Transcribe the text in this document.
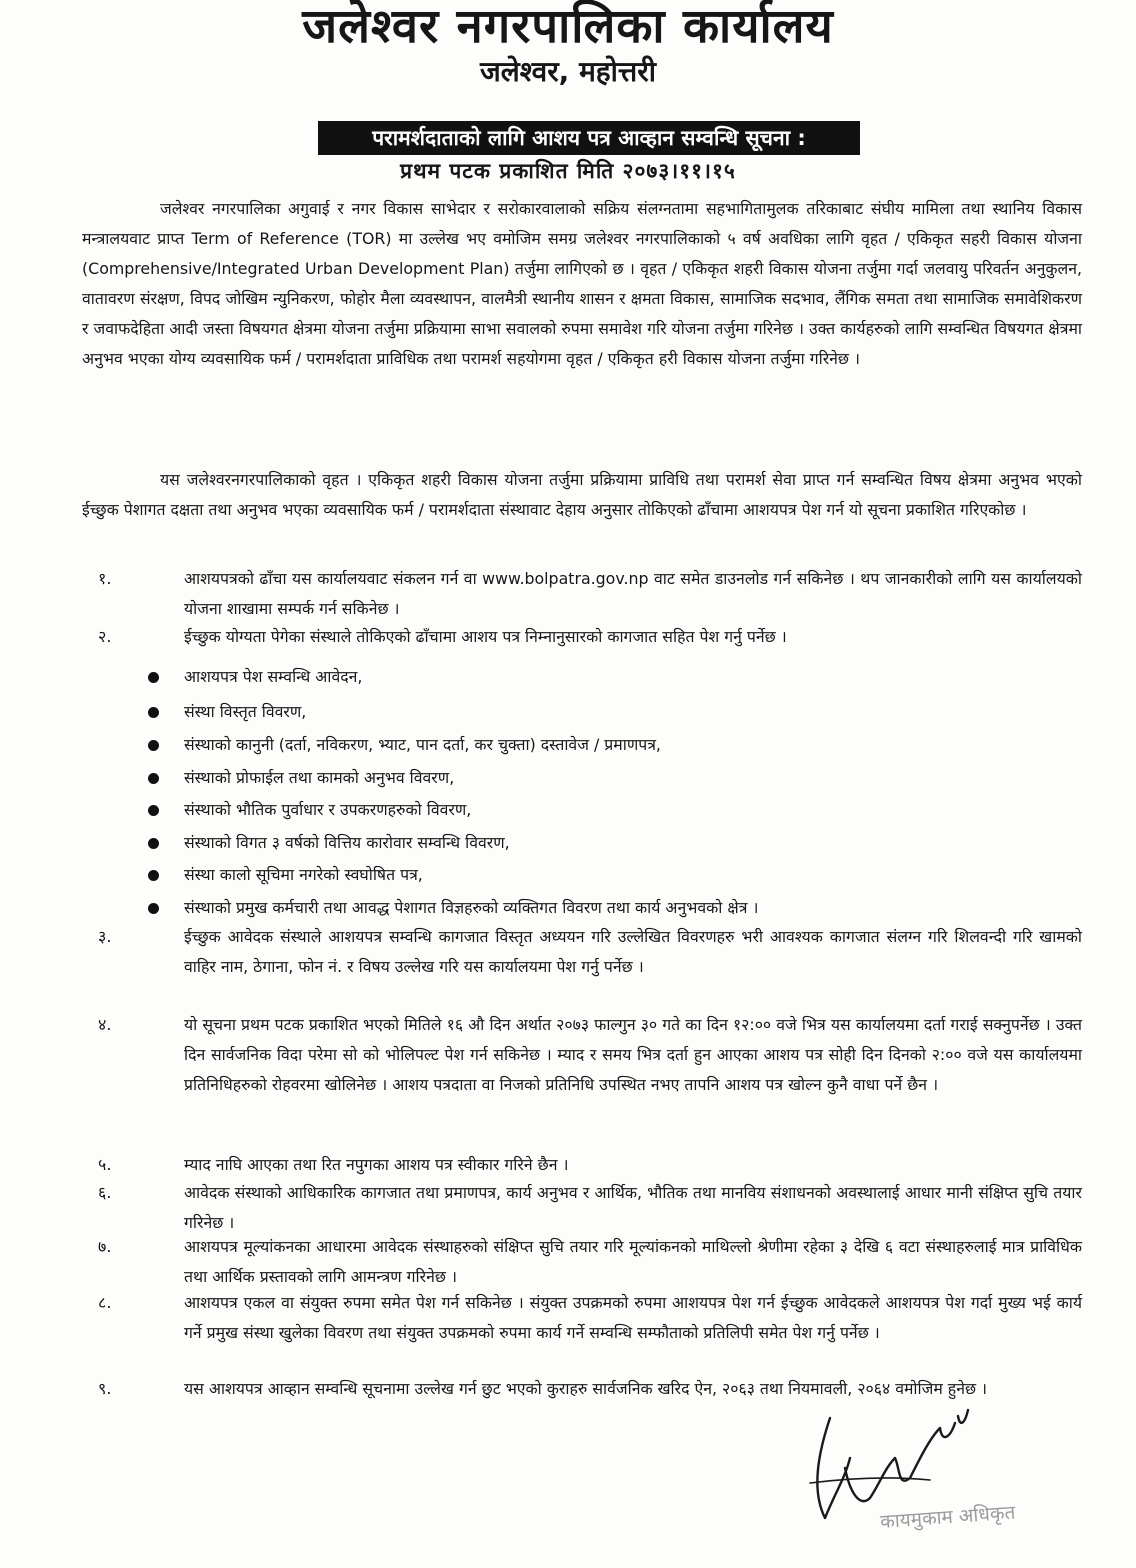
जलेश्वर नगरपालिका कार्यालय
जलेश्वर, महोत्तरी
परामर्शदाताको लागि आशय पत्र आव्हान सम्वन्धि सूचना :
प्रथम पटक प्रकाशित मिति २०७३।११।१५
जलेश्वर नगरपालिका अगुवाई र नगर विकास साभेदार र सरोकारवालाको सक्रिय संलग्नतामा सहभागितामुलक तरिकाबाट संघीय मामिला तथा स्थानिय विकास मन्त्रालयवाट प्राप्त Term of Reference (TOR) मा उल्लेख भए वमोजिम समग्र जलेश्वर नगरपालिकाको ५ वर्ष अवधिका लागि वृहत / एकिकृत सहरी विकास योजना (Comprehensive/Integrated Urban Development Plan) तर्जुमा लागिएको छ । वृहत / एकिकृत शहरी विकास योजना तर्जुमा गर्दा जलवायु परिवर्तन अनुकुलन, वातावरण संरक्षण, विपद जोखिम न्युनिकरण, फोहोर मैला व्यवस्थापन, वालमैत्री स्थानीय शासन र क्षमता विकास, सामाजिक सदभाव, लैंगिक समता तथा सामाजिक समावेशिकरण र जवाफदेहिता आदी जस्ता विषयगत क्षेत्रमा योजना तर्जुमा प्रक्रियामा साभा सवालको रुपमा समावेश गरि योजना तर्जुमा गरिनेछ । उक्त कार्यहरुको लागि सम्वन्धित विषयगत क्षेत्रमा अनुभव भएका योग्य व्यवसायिक फर्म / परामर्शदाता प्राविधिक तथा परामर्श सहयोगमा वृहत / एकिकृत हरी विकास योजना तर्जुमा गरिनेछ ।
यस जलेश्वरनगरपालिकाको वृहत । एकिकृत शहरी विकास योजना तर्जुमा प्रक्रियामा प्राविधि तथा परामर्श सेवा प्राप्त गर्न सम्वन्धित विषय क्षेत्रमा अनुभव भएको ईच्छुक पेशागत दक्षता तथा अनुभव भएका व्यवसायिक फर्म / परामर्शदाता संस्थावाट देहाय अनुसार तोकिएको ढाँचामा आशयपत्र पेश गर्न यो सूचना प्रकाशित गरिएकोछ ।
१.	आशयपत्रको ढाँचा यस कार्यालयवाट संकलन गर्न वा www.bolpatra.gov.np वाट समेत डाउनलोड गर्न सकिनेछ । थप जानकारीको लागि यस कार्यालयको योजना शाखामा सम्पर्क गर्न सकिनेछ ।
२.	ईच्छुक योग्यता पेगेका संस्थाले तोकिएको ढाँचामा आशय पत्र निम्नानुसारको कागजात सहित पेश गर्नु पर्नेछ ।
आशयपत्र पेश सम्वन्धि आवेदन,
संस्था विस्तृत विवरण,
संस्थाको कानुनी (दर्ता, नविकरण, भ्याट, पान दर्ता, कर चुक्ता) दस्तावेज / प्रमाणपत्र,
संस्थाको प्रोफाईल तथा कामको अनुभव विवरण,
संस्थाको भौतिक पुर्वाधार र उपकरणहरुको विवरण,
संस्थाको विगत ३ वर्षको वित्तिय कारोवार सम्वन्धि विवरण,
संस्था कालो सूचिमा नगरेको स्वघोषित पत्र,
संस्थाको प्रमुख कर्मचारी तथा आवद्ध पेशागत विज्ञहरुको व्यक्तिगत विवरण तथा कार्य अनुभवको क्षेत्र ।
३.	ईच्छुक आवेदक संस्थाले आशयपत्र सम्वन्धि कागजात विस्तृत अध्ययन गरि उल्लेखित विवरणहरु भरी आवश्यक कागजात संलग्न गरि शिलवन्दी गरि खामको वाहिर नाम, ठेगाना, फोन नं. र विषय उल्लेख गरि यस कार्यालयमा पेश गर्नु पर्नेछ ।
४.	यो सूचना प्रथम पटक प्रकाशित भएको मितिले १६ औ दिन अर्थात २०७३ फाल्गुन ३० गते का दिन १२:०० वजे भित्र यस कार्यालयमा दर्ता गराई सक्नुपर्नेछ । उक्त दिन सार्वजनिक विदा परेमा सो को भोलिपल्ट पेश गर्न सकिनेछ । म्याद र समय भित्र दर्ता हुन आएका आशय पत्र सोही दिन दिनको २:०० वजे यस कार्यालयमा प्रतिनिधिहरुको रोहवरमा खोलिनेछ । आशय पत्रदाता वा निजको प्रतिनिधि उपस्थित नभए तापनि आशय पत्र खोल्न कुनै वाधा पर्ने छैन ।
५.	म्याद नाघि आएका तथा रित नपुगका आशय पत्र स्वीकार गरिने छैन ।
६.	आवेदक संस्थाको आधिकारिक कागजात तथा प्रमाणपत्र, कार्य अनुभव र आर्थिक, भौतिक तथा मानविय संशाधनको अवस्थालाई आधार मानी संक्षिप्त सुचि तयार गरिनेछ ।
७.	आशयपत्र मूल्यांकनका आधारमा आवेदक संस्थाहरुको संक्षिप्त सुचि तयार गरि मूल्यांकनको माथिल्लो श्रेणीमा रहेका ३ देखि ६ वटा संस्थाहरुलाई मात्र प्राविधिक तथा आर्थिक प्रस्तावको लागि आमन्त्रण गरिनेछ ।
८.	आशयपत्र एकल वा संयुक्त रुपमा समेत पेश गर्न सकिनेछ । संयुक्त उपक्रमको रुपमा आशयपत्र पेश गर्न ईच्छुक आवेदकले आशयपत्र पेश गर्दा मुख्य भई कार्य गर्ने प्रमुख संस्था खुलेका विवरण तथा संयुक्त उपक्रमको रुपमा कार्य गर्ने सम्वन्धि सम्फौताको प्रतिलिपी समेत पेश गर्नु पर्नेछ ।
९.	यस आशयपत्र आव्हान सम्वन्धि सूचनामा उल्लेख गर्न छुट भएको कुराहरु सार्वजनिक खरिद ऐन, २०६३ तथा नियमावली, २०६४ वमोजिम हुनेछ ।
कायमुकाम अधिकृत
